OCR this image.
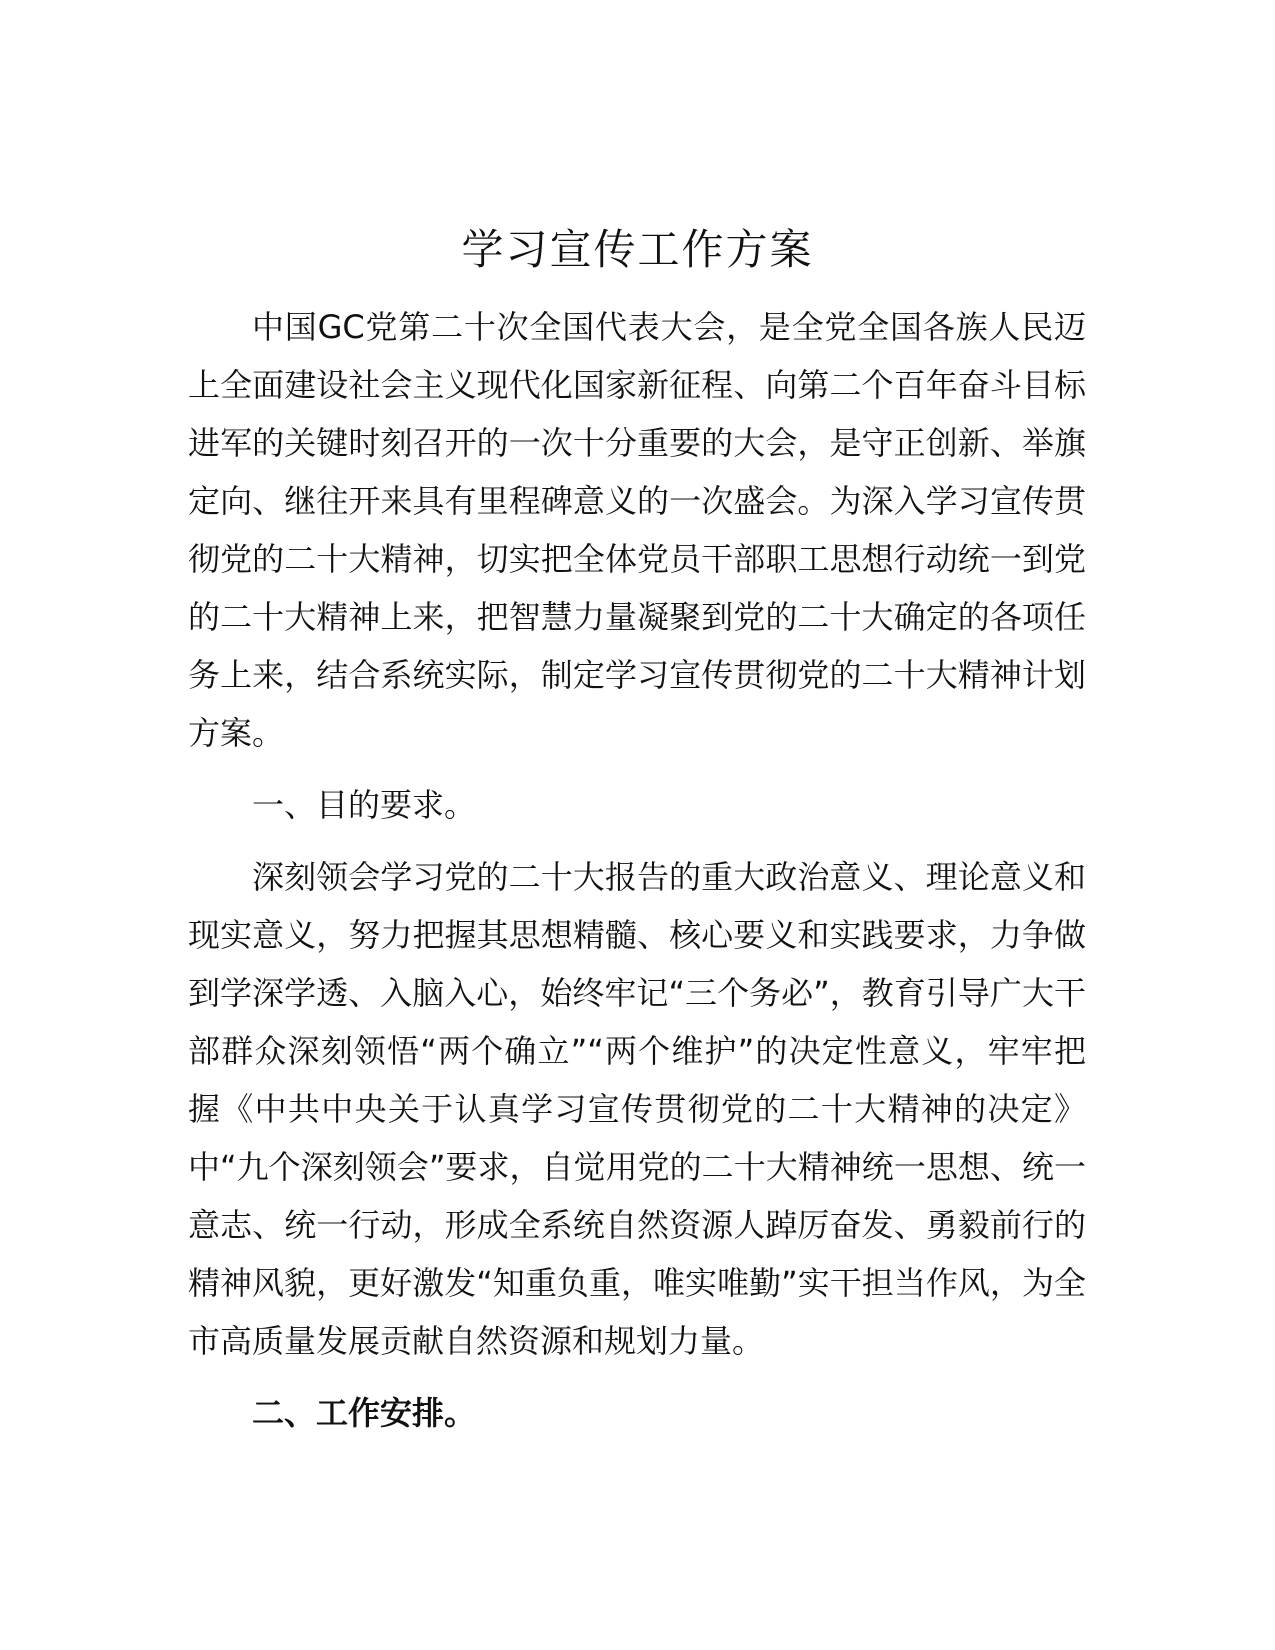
学习宣传工作方案

中国GC党第二十次全国代表大会，是全党全国各族人民迈上全面建设社会主义现代化国家新征程、向第二个百年奋斗目标进军的关键时刻召开的一次十分重要的大会，是守正创新、举旗定向、继往开来具有里程碑意义的一次盛会。为深入学习宣传贯彻党的二十大精神，切实把全体党员干部职工思想行动统一到党的二十大精神上来，把智慧力量凝聚到党的二十大确定的各项任务上来，结合系统实际，制定学习宣传贯彻党的二十大精神计划方案。

一、目的要求。

深刻领会学习党的二十大报告的重大政治意义、理论意义和现实意义，努力把握其思想精髓、核心要义和实践要求，力争做到学深学透、入脑入心，始终牢记“三个务必”，教育引导广大干部群众深刻领悟“两个确立”“两个维护”的决定性意义，牢牢把握《中共中央关于认真学习宣传贯彻党的二十大精神的决定》中“九个深刻领会”要求，自觉用党的二十大精神统一思想、统一意志、统一行动，形成全系统自然资源人踔厉奋发、勇毅前行的精神风貌，更好激发“知重负重，唯实唯勤”实干担当作风，为全市高质量发展贡献自然资源和规划力量。

二、工作安排。
